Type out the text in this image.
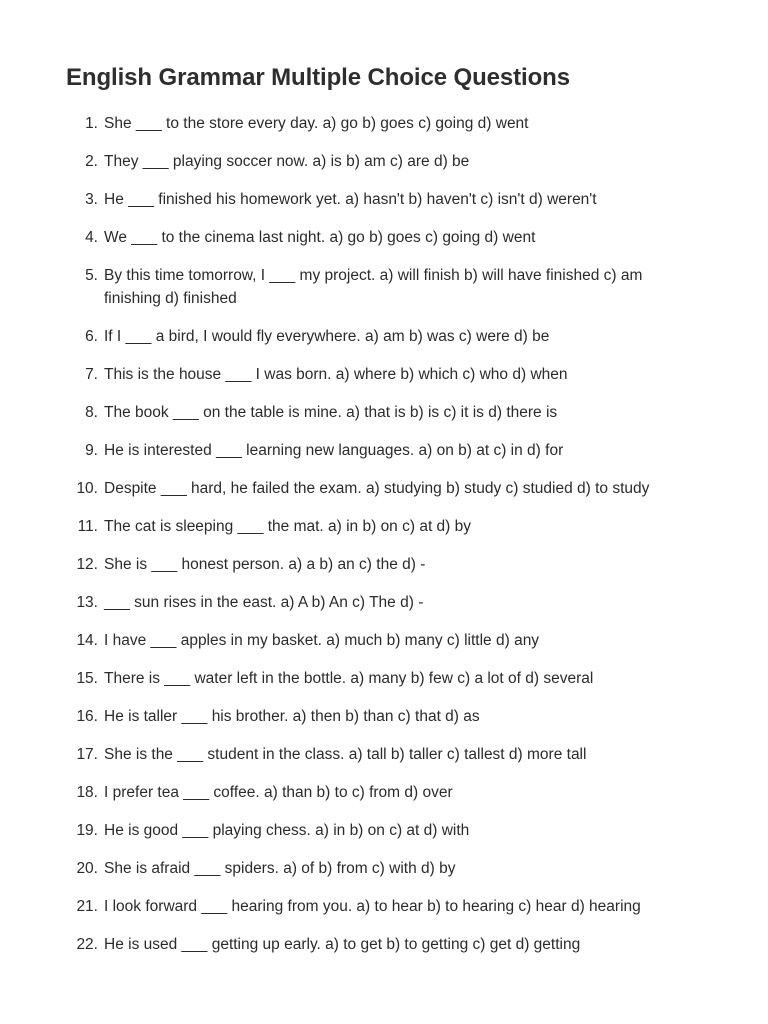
English Grammar Multiple Choice Questions
1. She ___ to the store every day. a) go b) goes c) going d) went
2. They ___ playing soccer now. a) is b) am c) are d) be
3. He ___ finished his homework yet. a) hasn't b) haven't c) isn't d) weren't
4. We ___ to the cinema last night. a) go b) goes c) going d) went
5. By this time tomorrow, I ___ my project. a) will finish b) will have finished c) am finishing d) finished
6. If I ___ a bird, I would fly everywhere. a) am b) was c) were d) be
7. This is the house ___ I was born. a) where b) which c) who d) when
8. The book ___ on the table is mine. a) that is b) is c) it is d) there is
9. He is interested ___ learning new languages. a) on b) at c) in d) for
10. Despite ___ hard, he failed the exam. a) studying b) study c) studied d) to study
11. The cat is sleeping ___ the mat. a) in b) on c) at d) by
12. She is ___ honest person. a) a b) an c) the d) -
13. ___ sun rises in the east. a) A b) An c) The d) -
14. I have ___ apples in my basket. a) much b) many c) little d) any
15. There is ___ water left in the bottle. a) many b) few c) a lot of d) several
16. He is taller ___ his brother. a) then b) than c) that d) as
17. She is the ___ student in the class. a) tall b) taller c) tallest d) more tall
18. I prefer tea ___ coffee. a) than b) to c) from d) over
19. He is good ___ playing chess. a) in b) on c) at d) with
20. She is afraid ___ spiders. a) of b) from c) with d) by
21. I look forward ___ hearing from you. a) to hear b) to hearing c) hear d) hearing
22. He is used ___ getting up early. a) to get b) to getting c) get d) getting
